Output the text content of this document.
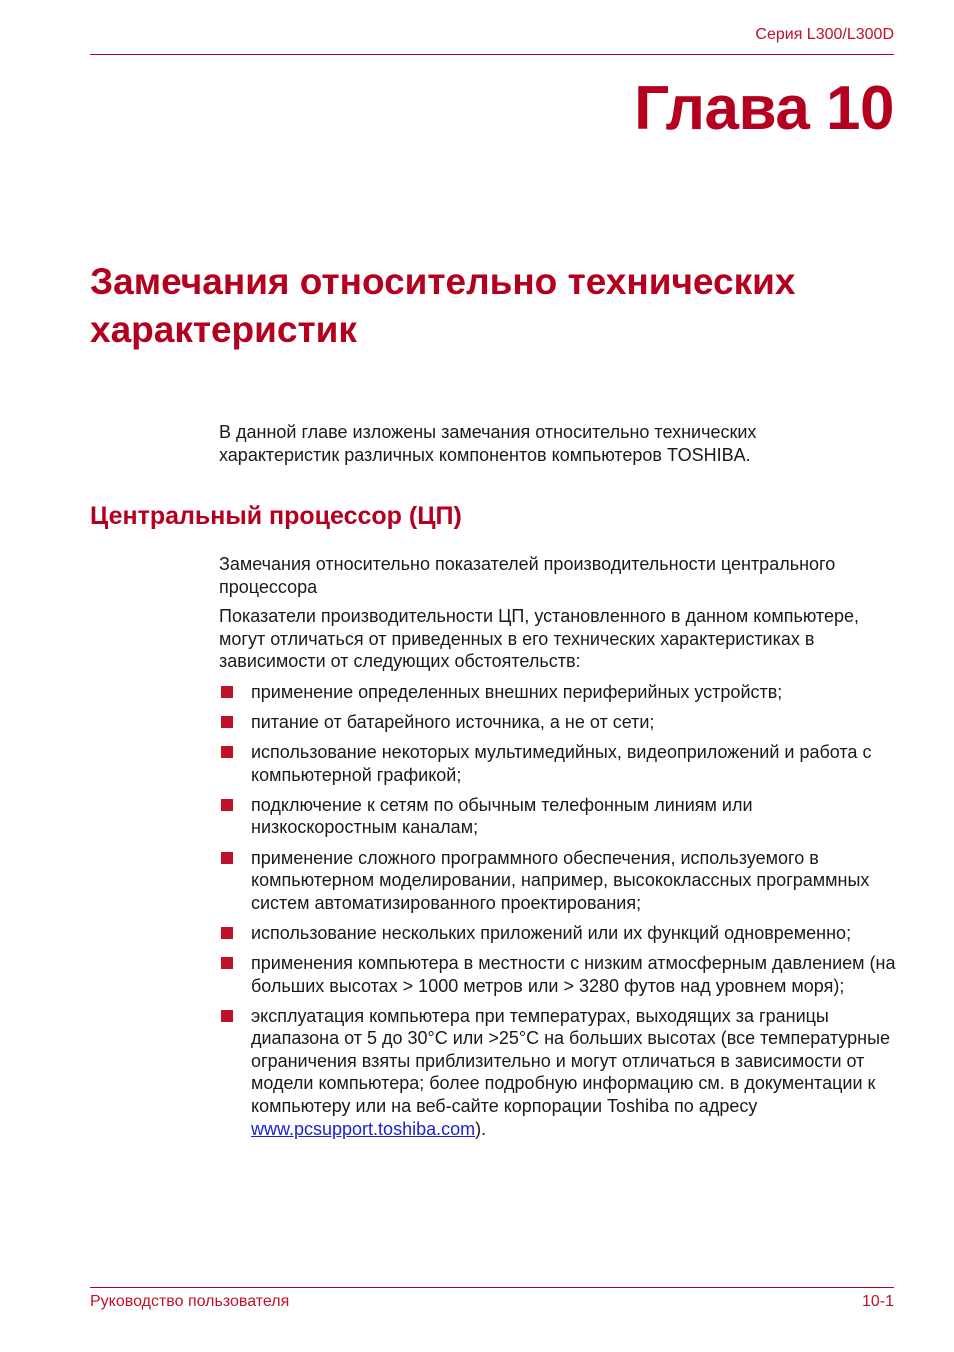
Серия L300/L300D
Глава 10
Замечания относительно технических характеристик

В данной главе изложены замечания относительно технических характеристик различных компонентов компьютеров TOSHIBA.

Центральный процессор (ЦП)

Замечания относительно показателей производительности центрального процессора

Показатели производительности ЦП, установленного в данном компьютере, могут отличаться от приведенных в его технических характеристиках в зависимости от следующих обстоятельств:

применение определенных внешних периферийных устройств;
питание от батарейного источника, а не от сети;
использование некоторых мультимедийных, видеоприложений и работа с компьютерной графикой;
подключение к сетям по обычным телефонным линиям или низкоскоростным каналам;
применение сложного программного обеспечения, используемого в компьютерном моделировании, например, высококлассных программных систем автоматизированного проектирования;
использование нескольких приложений или их функций одновременно;
применения компьютера в местности с низким атмосферным давлением (на больших высотах > 1000 метров или > 3280 футов над уровнем моря);
эксплуатация компьютера при температурах, выходящих за границы диапазона от 5 до 30°C или >25°C на больших высотах (все температурные ограничения взяты приблизительно и могут отличаться в зависимости от модели компьютера; более подробную информацию см. в документации к компьютеру или на веб-сайте корпорации Toshiba по адресу www.pcsupport.toshiba.com).
Руководство пользователя	10-1
